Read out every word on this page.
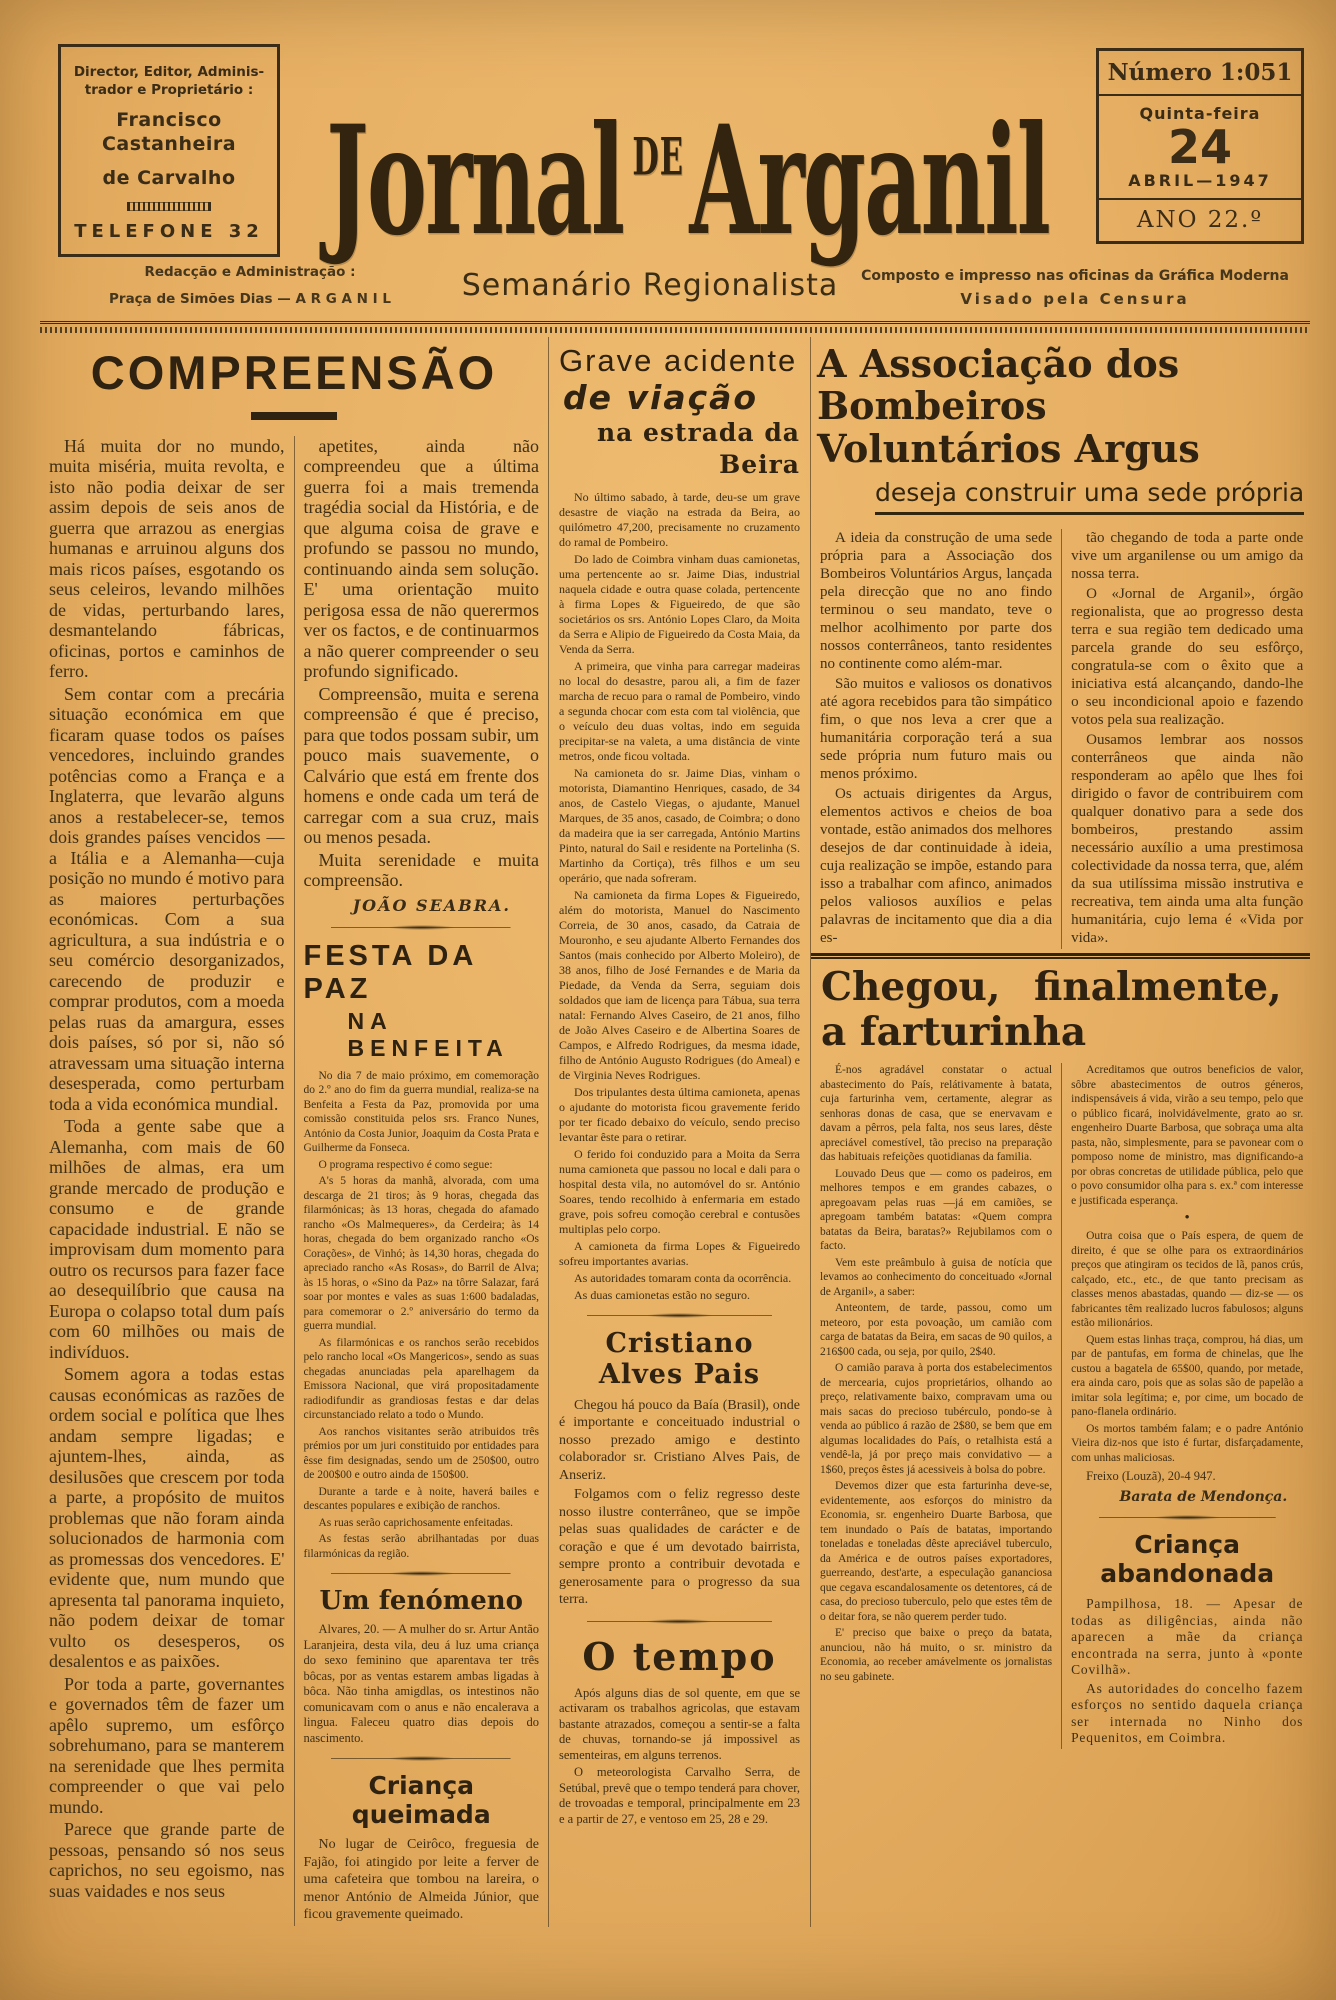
Director, Editor, Adminis-
trador e Proprietário :
Francisco Castanheira
de Carvalho
TELEFONE 32 Jornal DE Arganil
Número 1:051
Quinta-feira
24
ABRIL—1947
ANO 22.º
Redacção e Administração :
Praça de Simões Dias — A R G A N I L	Semanário Regionalista	Composto e impresso nas oficinas da Gráfica Moderna
Visado pela Censura
COMPREENSÃO

Há muita dor no mundo, muita miséria, muita revolta, e isto não podia deixar de ser assim depois de seis anos de guerra que arrazou as energias humanas e arruinou alguns dos mais ricos países, esgotando os seus celeiros, levando milhões de vidas, perturbando lares, desmantelando fábricas, oficinas, portos e caminhos de ferro.

Sem contar com a precária situação económica em que ficaram quase todos os países vencedores, incluindo grandes potências como a França e a Inglaterra, que levarão alguns anos a restabelecer-se, temos dois grandes países vencidos —a Itália e a Alemanha—cuja posição no mundo é motivo para as maiores perturbações económicas. Com a sua agricultura, a sua indústria e o seu comércio desorganizados, carecendo de produzir e comprar produtos, com a moeda pelas ruas da amargura, esses dois países, só por si, não só atravessam uma situação interna desesperada, como perturbam toda a vida económica mundial.

Toda a gente sabe que a Alemanha, com mais de 60 milhões de almas, era um grande mercado de produção e consumo e de grande capacidade industrial. E não se improvisam dum momento para outro os recursos para fazer face ao desequilíbrio que causa na Europa o colapso total dum país com 60 milhões ou mais de indivíduos.

Somem agora a todas estas causas económicas as razões de ordem social e política que lhes andam sempre ligadas; e ajuntem-lhes, ainda, as desilusões que crescem por toda a parte, a propósito de muitos problemas que não foram ainda solucionados de harmonia com as promessas dos vencedores. E' evidente que, num mundo que apresenta tal panorama inquieto, não podem deixar de tomar vulto os desesperos, os desalentos e as paixões.

Por toda a parte, governantes e governados têm de fazer um apêlo supremo, um esfôrço sobrehumano, para se manterem na serenidade que lhes permita compreender o que vai pelo mundo.

Parece que grande parte de pessoas, pensando só nos seus caprichos, no seu egoismo, nas suas vaidades e nos seus

apetites, ainda não compreendeu que a última guerra foi a mais tremenda tragédia social da História, e de que alguma coisa de grave e profundo se passou no mundo, continuando ainda sem solução. E' uma orientação muito perigosa essa de não querermos ver os factos, e de continuarmos a não querer compreender o seu profundo significado.

Compreensão, muita e serena compreensão é que é preciso, para que todos possam subir, um pouco mais suavemente, o Calvário que está em frente dos homens e onde cada um terá de carregar com a sua cruz, mais ou menos pesada.

Muita serenidade e muita compreensão.

JOÃO SEABRA.
FESTA DA PAZ
NA BENFEITA

No dia 7 de maio próximo, em comemoração do 2.º ano do fim da guerra mundial, realiza-se na Benfeita a Festa da Paz, promovida por uma comissão constituida pelos srs. Franco Nunes, António da Costa Junior, Joaquim da Costa Prata e Guilherme da Fonseca.

O programa respectivo é como segue:

A's 5 horas da manhã, alvorada, com uma descarga de 21 tiros; às 9 horas, chegada das filarmónicas; às 13 horas, chegada do afamado rancho «Os Malmequeres», da Cerdeira; às 14 horas, chegada do bem organizado rancho «Os Corações», de Vinhó; às 14,30 horas, chegada do apreciado rancho «As Rosas», do Barril de Alva; às 15 horas, o «Sino da Paz» na tôrre Salazar, fará soar por montes e vales as suas 1:600 badaladas, para comemorar o 2.º aniversário do termo da guerra mundial.

As filarmónicas e os ranchos serão recebidos pelo rancho local «Os Mangericos», sendo as suas chegadas anunciadas pela aparelhagem da Emissora Nacional, que virá propositadamente radiodifundir as grandiosas festas e dar delas circunstanciado relato a todo o Mundo.

Aos ranchos visitantes serão atribuidos três prémios por um juri constituido por entidades para êsse fim designadas, sendo um de 250$00, outro de 200$00 e outro ainda de 150$00.

Durante a tarde e à noite, haverá bailes e descantes populares e exibição de ranchos.

As ruas serão caprichosamente enfeitadas.

As festas serão abrilhantadas por duas filarmónicas da região.

Um fenómeno

Alvares, 20. — A mulher do sr. Artur Antão Laranjeira, desta vila, deu á luz uma criança do sexo feminino que aparentava ter três bôcas, por as ventas estarem ambas ligadas à bôca. Não tinha amigdlas, os intestinos não comunicavam com o anus e não encalerava a lingua. Faleceu quatro dias depois do nascimento.

Criança queimada

No lugar de Ceirôco, freguesia de Fajão, foi atingido por leite a ferver de uma cafeteira que tombou na lareira, o menor António de Almeida Júnior, que ficou gravemente queimado.

Grave acidente
de viação
na estrada da Beira

No último sabado, à tarde, deu-se um grave desastre de viação na estrada da Beira, ao quilómetro 47,200, precisamente no cruzamento do ramal de Pombeiro.

Do lado de Coimbra vinham duas camionetas, uma pertencente ao sr. Jaime Dias, industrial naquela cidade e outra quase colada, pertencente à firma Lopes & Figueiredo, de que são societários os srs. António Lopes Claro, da Moita da Serra e Alipio de Figueiredo da Costa Maia, da Venda da Serra.

A primeira, que vinha para carregar madeiras no local do desastre, parou ali, a fim de fazer marcha de recuo para o ramal de Pombeiro, vindo a segunda chocar com esta com tal violência, que o veículo deu duas voltas, indo em seguida precipitar-se na valeta, a uma distância de vinte metros, onde ficou voltada.

Na camioneta do sr. Jaime Dias, vinham o motorista, Diamantino Henriques, casado, de 34 anos, de Castelo Viegas, o ajudante, Manuel Marques, de 35 anos, casado, de Coimbra; o dono da madeira que ia ser carregada, António Martins Pinto, natural do Sail e residente na Portelinha (S. Martinho da Cortiça), três filhos e um seu operário, que nada sofreram.

Na camioneta da firma Lopes & Figueiredo, além do motorista, Manuel do Nascimento Correia, de 30 anos, casado, da Catraia de Mouronho, e seu ajudante Alberto Fernandes dos Santos (mais conhecido por Alberto Moleiro), de 38 anos, filho de José Fernandes e de Maria da Piedade, da Venda da Serra, seguiam dois soldados que iam de licença para Tábua, sua terra natal: Fernando Alves Caseiro, de 21 anos, filho de João Alves Caseiro e de Albertina Soares de Campos, e Alfredo Rodrigues, da mesma idade, filho de António Augusto Rodrigues (do Ameal) e de Virginia Neves Rodrigues.

Dos tripulantes desta última camioneta, apenas o ajudante do motorista ficou gravemente ferido por ter ficado debaixo do veículo, sendo preciso levantar êste para o retirar.

O ferido foi conduzido para a Moita da Serra numa camioneta que passou no local e dali para o hospital desta vila, no automóvel do sr. António Soares, tendo recolhido à enfermaria em estado grave, pois sofreu comoção cerebral e contusões multiplas pelo corpo.

A camioneta da firma Lopes & Figueiredo sofreu importantes avarias.

As autoridades tomaram conta da ocorrência.

As duas camionetas estão no seguro.

Cristiano Alves Pais

Chegou há pouco da Baía (Brasil), onde é importante e conceituado industrial o nosso prezado amigo e destinto colaborador sr. Cristiano Alves Pais, de Anseriz.

Folgamos com o feliz regresso deste nosso ilustre conterrâneo, que se impõe pelas suas qualidades de carácter e de coração e que é um devotado bairrista, sempre pronto a contribuir devotada e generosamente para o progresso da sua terra.

O tempo

Após alguns dias de sol quente, em que se activaram os trabalhos agricolas, que estavam bastante atrazados, começou a sentir-se a falta de chuvas, tornando-se já impossivel as sementeiras, em alguns terrenos.

O meteorologista Carvalho Serra, de Setúbal, prevê que o tempo tenderá para chover, de trovoadas e temporal, principalmente em 23 e a partir de 27, e ventoso em 25, 28 e 29.

A Associação dos Bombeiros
Voluntários Argus
deseja construir uma sede própria

A ideia da construção de uma sede própria para a Associação dos Bombeiros Voluntários Argus, lançada pela direcção que no ano findo terminou o seu mandato, teve o melhor acolhimento por parte dos nossos conterrâneos, tanto residentes no continente como além-mar.

São muitos e valiosos os donativos até agora recebidos para tão simpático fim, o que nos leva a crer que a humanitária corporação terá a sua sede própria num futuro mais ou menos próximo.

Os actuais dirigentes da Argus, elementos activos e cheios de boa vontade, estão animados dos melhores desejos de dar continuidade à ideia, cuja realização se impõe, estando para isso a trabalhar com afinco, animados pelos valiosos auxílios e pelas palavras de incitamento que dia a dia es-

tão chegando de toda a parte onde vive um arganilense ou um amigo da nossa terra.

O «Jornal de Arganil», órgão regionalista, que ao progresso desta terra e sua região tem dedicado uma parcela grande do seu esfôrço, congratula-se com o êxito que a iniciativa está alcançando, dando-lhe o seu incondicional apoio e fazendo votos pela sua realização.

Ousamos lembrar aos nossos conterrâneos que ainda não responderam ao apêlo que lhes foi dirigido o favor de contribuirem com qualquer donativo para a sede dos bombeiros, prestando assim necessário auxílio a uma prestimosa colectividade da nossa terra, que, além da sua utilíssima missão instrutiva e recreativa, tem ainda uma alta função humanitária, cujo lema é «Vida por vida».

Chegou, finalmente,
a farturinha

É-nos agradável constatar o actual abastecimento do País, relátivamente à batata, cuja farturinha vem, certamente, alegrar as senhoras donas de casa, que se enervavam e davam a pêrros, pela falta, nos seus lares, dêste apreciável comestível, tão preciso na preparação das habituais refeições quotidianas da familia.

Louvado Deus que — como os padeiros, em melhores tempos e em grandes cabazes, o apregoavam pelas ruas —já em camiões, se apregoam também batatas: «Quem compra batatas da Beira, baratas?» Rejubilamos com o facto.

Vem este preâmbulo à guisa de notícia que levamos ao conhecimento do conceituado «Jornal de Arganil», a saber:

Anteontem, de tarde, passou, como um meteoro, por esta povoação, um camião com carga de batatas da Beira, em sacas de 90 quilos, a 216$00 cada, ou seja, por quilo, 2$40.

O camião parava à porta dos estabelecimentos de mercearia, cujos proprietários, olhando ao preço, relativamente baixo, compravam uma ou mais sacas do precioso tubérculo, pondo-se à venda ao público á razão de 2$80, se bem que em algumas localidades do País, o retalhista está a vendê-la, já por preço mais convidativo — a 1$60, preços êstes já acessiveis à bolsa do pobre.

Devemos dizer que esta farturinha deve-se, evidentemente, aos esforços do ministro da Economia, sr. engenheiro Duarte Barbosa, que tem inundado o País de batatas, importando toneladas e toneladas dêste apreciável tuberculo, da América e de outros países exportadores, guerreando, dest'arte, a especulação gananciosa que cegava escandalosamente os detentores, cá de casa, do precioso tuberculo, pelo que estes têm de o deitar fora, se não querem perder tudo.

E' preciso que baixe o preço da batata, anunciou, não há muito, o sr. ministro da Economia, ao receber amávelmente os jornalistas no seu gabinete.

Acreditamos que outros beneficios de valor, sôbre abastecimentos de outros géneros, indispensáveis á vida, virão a seu tempo, pelo que o público ficará, inolvidávelmente, grato ao sr. engenheiro Duarte Barbosa, que sobraça uma alta pasta, não, simplesmente, para se pavonear com o pomposo nome de ministro, mas dignificando-a por obras concretas de utilidade pública, pelo que o povo consumidor olha para s. ex.ª com interesse e justificada esperança.

•

Outra coisa que o País espera, de quem de direito, é que se olhe para os extraordinários preços que atingiram os tecidos de lã, panos crús, calçado, etc., etc., de que tanto precisam as classes menos abastadas, quando — diz-se — os fabricantes têm realizado lucros fabulosos; alguns estão milionários.

Quem estas linhas traça, comprou, há dias, um par de pantufas, em forma de chinelas, que lhe custou a bagatela de 65$00, quando, por metade, era ainda caro, pois que as solas são de papelão a imitar sola legítima; e, por cime, um bocado de pano-flanela ordinário.

Os mortos também falam; e o padre António Vieira diz-nos que isto é furtar, disfarçadamente, com unhas maliciosas.

Freixo (Louzã), 20-4 947.
Barata de Mendonça.
Criança abandonada

Pampilhosa, 18. — Apesar de todas as diligências, ainda não aparecen a mãe da criança encontrada na serra, junto à «ponte Covilhã».

As autoridades do concelho fazem esforços no sentido daquela criança ser internada no Ninho dos Pequenitos, em Coimbra.
